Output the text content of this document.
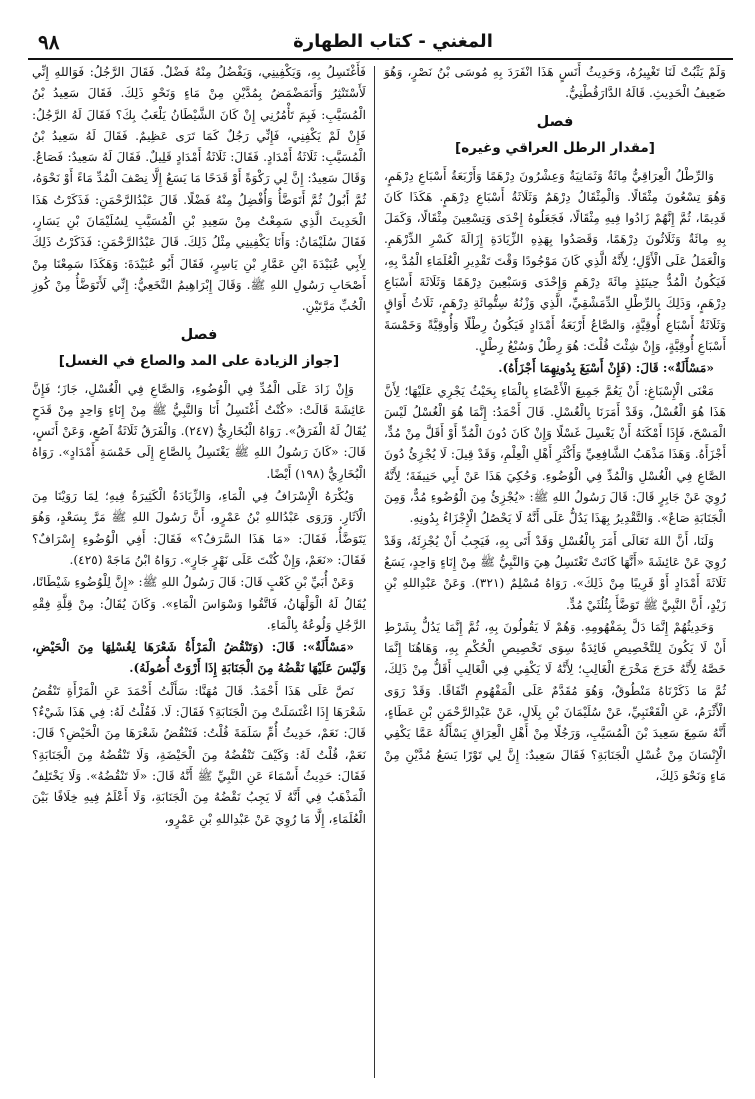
٩٨	المغني - كتاب الطهارة

وَلَمْ يَثْبُتْ لَنَا تَغْيِيرُهُ، وَحَدِيثُ أَنَسٍ هَذَا انْفَرَدَ بِهِ مُوسَى بْنُ نَصْرٍ، وَهُوَ ضَعِيفُ الْحَدِيثِ. قَالَهُ الدَّارَقُطْنِيُّ.

فصل
[مقدار الرطل العراقي وغيره]

وَالرِّطْلُ الْعِرَاقِيُّ مِائَةٌ وَثَمَانِيَةٌ وَعِشْرُونَ دِرْهَمًا وَأَرْبَعَةُ أَسْبَاعِ دِرْهَمٍ، وَهُوَ تِسْعُونَ مِثْقَالًا. وَالْمِثْقَالُ دِرْهَمٌ وَثَلَاثَةُ أَسْبَاعِ دِرْهَمٍ. هَكَذَا كَانَ قَدِيمًا، ثُمَّ إِنَّهُمْ زَادُوا فِيهِ مِثْقَالًا، فَجَعَلُوهُ إِحْدَى وَتِسْعِينَ مِثْقَالًا، وَكَمَلَ بِهِ مِائَةٌ وَثَلَاثُونَ دِرْهَمًا، وَقَصَدُوا بِهَذِهِ الزِّيَادَةِ إِزَالَةَ كَسْرِ الدِّرْهَمِ. وَالْعَمَلُ عَلَى الْأَوَّلِ؛ لِأَنَّهُ الَّذِي كَانَ مَوْجُودًا وَقْتَ تَقْدِيرِ الْعُلَمَاءِ الْمُدَّ بِهِ، فَيَكُونُ الْمُدُّ حِينَئِذٍ مِائَةَ دِرْهَمٍ وَإِحْدَى وَسَبْعِينَ دِرْهَمًا وَثَلَاثَةَ أَسْبَاعِ دِرْهَمٍ، وَذَلِكَ بِالرِّطْلِ الدِّمَشْقِيِّ، الَّذِي وَزْنُهُ سِتُّمِائَةِ دِرْهَمٍ، ثَلَاثُ أَوَاقٍ وَثَلَاثَةُ أَسْبَاعِ أُوقِيَّةٍ، وَالصَّاعُ أَرْبَعَةُ أَمْدَادٍ فَيَكُونُ رِطْلًا وَأُوقِيَّةً وَخَمْسَةَ أَسْبَاعِ أُوقِيَّةٍ، وَإِنْ شِئْتَ قُلْتَ: هُوَ رِطْلٌ وَسُبْعُ رِطْلٍ.

«مَسْأَلَةٌ»: قَالَ: (فَإِنْ أَسْبَغَ بِدُونِهِمَا أَجْزَأَهُ).

مَعْنَى الْإِسْبَاغِ: أَنْ يَعُمَّ جَمِيعَ الْأَعْضَاءِ بِالْمَاءِ بِحَيْثُ يَجْرِي عَلَيْهَا؛ لِأَنَّ هَذَا هُوَ الْغُسْلُ، وَقَدْ أَمَرَنَا بِالْغُسْلِ. قَالَ أَحْمَدُ: إِنَّمَا هُوَ الْغُسْلُ لَيْسَ الْمَسْحَ، فَإِذَا أَمْكَنَهُ أَنْ يَغْسِلَ غَسْلًا وَإِنْ كَانَ دُونَ الْمُدِّ أَوْ أَقَلَّ مِنْ مُدٍّ، أَجْزَأَهُ. وَهَذَا مَذْهَبُ الشَّافِعِيِّ وَأَكْثَرِ أَهْلِ الْعِلْمِ، وَقَدْ قِيلَ: لَا يُجْزِئُ دُونَ الصَّاعِ فِي الْغُسْلِ وَالْمُدِّ فِي الْوُضُوءِ. وَحُكِيَ هَذَا عَنْ أَبِي حَنِيفَةَ؛ لِأَنَّهُ رُوِيَ عَنْ جَابِرٍ قَالَ: قَالَ رَسُولُ اللهِ ﷺ: «يُجْزِئُ مِنَ الْوُضُوءِ مُدٌّ، وَمِنَ الْجَنَابَةِ صَاعٌ». وَالتَّقْدِيرُ بِهَذَا يَدُلُّ عَلَى أَنَّهُ لَا يَحْصُلُ الْإِجْزَاءُ بِدُونِهِ.

وَلَنَا، أَنَّ اللهَ تَعَالَى أَمَرَ بِالْغُسْلِ وَقَدْ أَتَى بِهِ، فَيَجِبُ أَنْ يُجْزِئَهُ، وَقَدْ رُوِيَ عَنْ عَائِشَةَ «أَنَّهَا كَانَتْ تَغْتَسِلُ هِيَ وَالنَّبِيُّ ﷺ مِنْ إِنَاءٍ وَاحِدٍ، يَسَعُ ثَلَاثَةَ أَمْدَادٍ أَوْ قَرِيبًا مِنْ ذَلِكَ». رَوَاهُ مُسْلِمٌ (٣٢١). وَعَنْ عَبْدِاللهِ بْنِ زَيْدٍ، أَنَّ النَّبِيَّ ﷺ تَوَضَّأَ بِثُلُثَيْ مُدٍّ.

وَحَدِيثُهُمْ إِنَّمَا دَلَّ بِمَفْهُومِهِ. وَهُمْ لَا يَقُولُونَ بِهِ، ثُمَّ إِنَّمَا يَدُلُّ بِشَرْطِ أَنْ لَا يَكُونَ لِلتَّخْصِيصِ فَائِدَةٌ سِوَى تَخْصِيصِ الْحُكْمِ بِهِ، وَهَاهُنَا إِنَّمَا خَصَّهُ لِأَنَّهُ خَرَجَ مَخْرَجَ الْغَالِبِ؛ لِأَنَّهُ لَا يَكْفِي فِي الْغَالِبِ أَقَلُّ مِنْ ذَلِكَ، ثُمَّ مَا ذَكَرْنَاهُ مَنْطُوقٌ، وَهُوَ مُقَدَّمٌ عَلَى الْمَفْهُومِ اتِّفَاقًا. وَقَدْ رَوَى الْأَثْرَمُ، عَنِ الْقَعْنَبِيِّ، عَنْ سُلَيْمَانَ بْنِ بِلَالٍ، عَنْ عَبْدِالرَّحْمَنِ بْنِ عَطَاءٍ، أَنَّهُ سَمِعَ سَعِيدَ بْنَ الْمُسَيَّبِ، وَرَجُلًا مِنْ أَهْلِ الْعِرَاقِ يَسْأَلُهُ عَمَّا يَكْفِي الْإِنْسَانَ مِنْ غُسْلِ الْجَنَابَةِ؟ فَقَالَ سَعِيدٌ: إِنَّ لِي تَوْرًا يَسَعُ مُدَّيْنِ مِنْ مَاءٍ وَنَحْوَ ذَلِكَ،

فَأَغْتَسِلُ بِهِ، وَيَكْفِينِي، وَيَفْضُلُ مِنْهُ فَضْلٌ. فَقَالَ الرَّجُلُ: فَوَاللهِ إِنِّي لَأَسْتَنْثِرُ وَأَتَمَضْمَضُ بِمُدَّيْنِ مِنْ مَاءٍ وَنَحْوِ ذَلِكَ. فَقَالَ سَعِيدُ بْنُ الْمُسَيَّبِ: فَبِمَ تَأْمُرُنِي إِنْ كَانَ الشَّيْطَانُ يَلْعَبُ بِكَ؟ فَقَالَ لَهُ الرَّجُلُ: فَإِنْ لَمْ يَكْفِنِي، فَإِنِّي رَجُلٌ كَمَا تَرَى عَظِيمٌ. فَقَالَ لَهُ سَعِيدُ بْنُ الْمُسَيَّبِ: ثَلَاثَةُ أَمْدَادٍ. فَقَالَ: ثَلَاثَةُ أَمْدَادٍ قَلِيلٌ. فَقَالَ لَهُ سَعِيدٌ: فَصَاعٌ. وَقَالَ سَعِيدٌ: إِنَّ لِي رَكْوَةً أَوْ قَدَحًا مَا يَسَعُ إِلَّا نِصْفَ الْمُدِّ مَاءً أَوْ نَحْوَهُ، ثُمَّ أَبُولُ ثُمَّ أَتَوَضَّأُ وَأُفْضِلُ مِنْهُ فَضْلًا. قَالَ عَبْدُالرَّحْمَنِ: فَذَكَرْتُ هَذَا الْحَدِيثَ الَّذِي سَمِعْتُ مِنْ سَعِيدِ بْنِ الْمُسَيَّبِ لِسُلَيْمَانَ بْنِ يَسَارٍ، فَقَالَ سُلَيْمَانُ: وَأَنَا يَكْفِينِي مِثْلُ ذَلِكَ. قَالَ عَبْدُالرَّحْمَنِ: فَذَكَرْتُ ذَلِكَ لِأَبِي عُبَيْدَةَ ابْنِ عَمَّارِ بْنِ يَاسِرٍ، فَقَالَ أَبُو عُبَيْدَةَ: وَهَكَذَا سَمِعْنَا مِنْ أَصْحَابِ رَسُولِ اللهِ ﷺ. وَقَالَ إِبْرَاهِيمُ النَّخَعِيُّ: إِنِّي لَأَتَوَضَّأُ مِنْ كُوزِ الْحُبِّ مَرَّتَيْنِ.

فصل
[جواز الزيادة على المد والصاع في الغسل]

وَإِنْ زَادَ عَلَى الْمُدِّ فِي الْوُضُوءِ، وَالصَّاعِ فِي الْغُسْلِ، جَازَ؛ فَإِنَّ عَائِشَةَ قَالَتْ: «كُنْتُ أَغْتَسِلُ أَنَا وَالنَّبِيُّ ﷺ مِنْ إِنَاءٍ وَاحِدٍ مِنْ قَدَحٍ يُقَالُ لَهُ الْفَرَقُ». رَوَاهُ الْبُخَارِيُّ (٢٤٧). وَالْفَرَقُ ثَلَاثَةُ آصُعٍ، وَعَنْ أَنَسٍ، قَالَ: «كَانَ رَسُولُ اللهِ ﷺ يَغْتَسِلُ بِالصَّاعِ إِلَى خَمْسَةِ أَمْدَادٍ». رَوَاهُ الْبُخَارِيُّ (١٩٨) أَيْضًا.

وَيُكْرَهُ الْإِسْرَافُ فِي الْمَاءِ، وَالزِّيَادَةُ الْكَثِيرَةُ فِيهِ؛ لِمَا رَوَيْنَا مِنَ الْآثَارِ. وَرَوَى عَبْدُاللهِ بْنُ عَمْرٍو، أَنَّ رَسُولَ اللهِ ﷺ مَرَّ بِسَعْدٍ، وَهُوَ يَتَوَضَّأُ، فَقَالَ: «مَا هَذَا السَّرَفُ؟» فَقَالَ: أَفِي الْوُضُوءِ إِسْرَافٌ؟ فَقَالَ: «نَعَمْ، وَإِنْ كُنْتَ عَلَى نَهْرٍ جَارٍ». رَوَاهُ ابْنُ مَاجَهْ (٤٢٥).

وَعَنْ أُبَيِّ بْنِ كَعْبٍ قَالَ: قَالَ رَسُولُ اللهِ ﷺ: «إِنَّ لِلْوُضُوءِ شَيْطَانًا، يُقَالُ لَهُ الْوَلْهَانُ، فَاتَّقُوا وَسْوَاسَ الْمَاءِ». وَكَانَ يُقَالُ: مِنْ قِلَّةِ فِقْهِ الرَّجُلِ وَلُوعُهُ بِالْمَاءِ.

«مَسْأَلَةٌ»: قَالَ: (وَتَنْقُضُ الْمَرْأَةُ شَعْرَهَا لِغُسْلِهَا مِنَ الْحَيْضِ، وَلَيْسَ عَلَيْهَا نَقْضُهُ مِنَ الْجَنَابَةِ إِذَا أَرْوَتْ أُصُولَهُ).

نَصَّ عَلَى هَذَا أَحْمَدُ. قَالَ مُهَنَّا: سَأَلْتُ أَحْمَدَ عَنِ الْمَرْأَةِ تَنْقُضُ شَعْرَهَا إِذَا اغْتَسَلَتْ مِنَ الْجَنَابَةِ؟ فَقَالَ: لَا. فَقُلْتُ لَهُ: فِي هَذَا شَيْءٌ؟ قَالَ: نَعَمْ، حَدِيثُ أُمِّ سَلَمَةَ قُلْتُ: فَتَنْقُضُ شَعْرَهَا مِنَ الْحَيْضِ؟ قَالَ: نَعَمْ، قُلْتُ لَهُ: وَكَيْفَ تَنْقُضُهُ مِنَ الْحَيْضَةِ، وَلَا تَنْقُضُهُ مِنَ الْجَنَابَةِ؟ فَقَالَ: حَدِيثُ أَسْمَاءَ عَنِ النَّبِيِّ ﷺ أَنَّهُ قَالَ: «لَا تَنْقُضُهُ». وَلَا يَخْتَلِفُ الْمَذْهَبُ فِي أَنَّهُ لَا يَجِبُ نَقْضُهُ مِنَ الْجَنَابَةِ، وَلَا أَعْلَمُ فِيهِ خِلَافًا بَيْنَ الْعُلَمَاءِ، إِلَّا مَا رُوِيَ عَنْ عَبْدِاللهِ بْنِ عَمْرٍو،
